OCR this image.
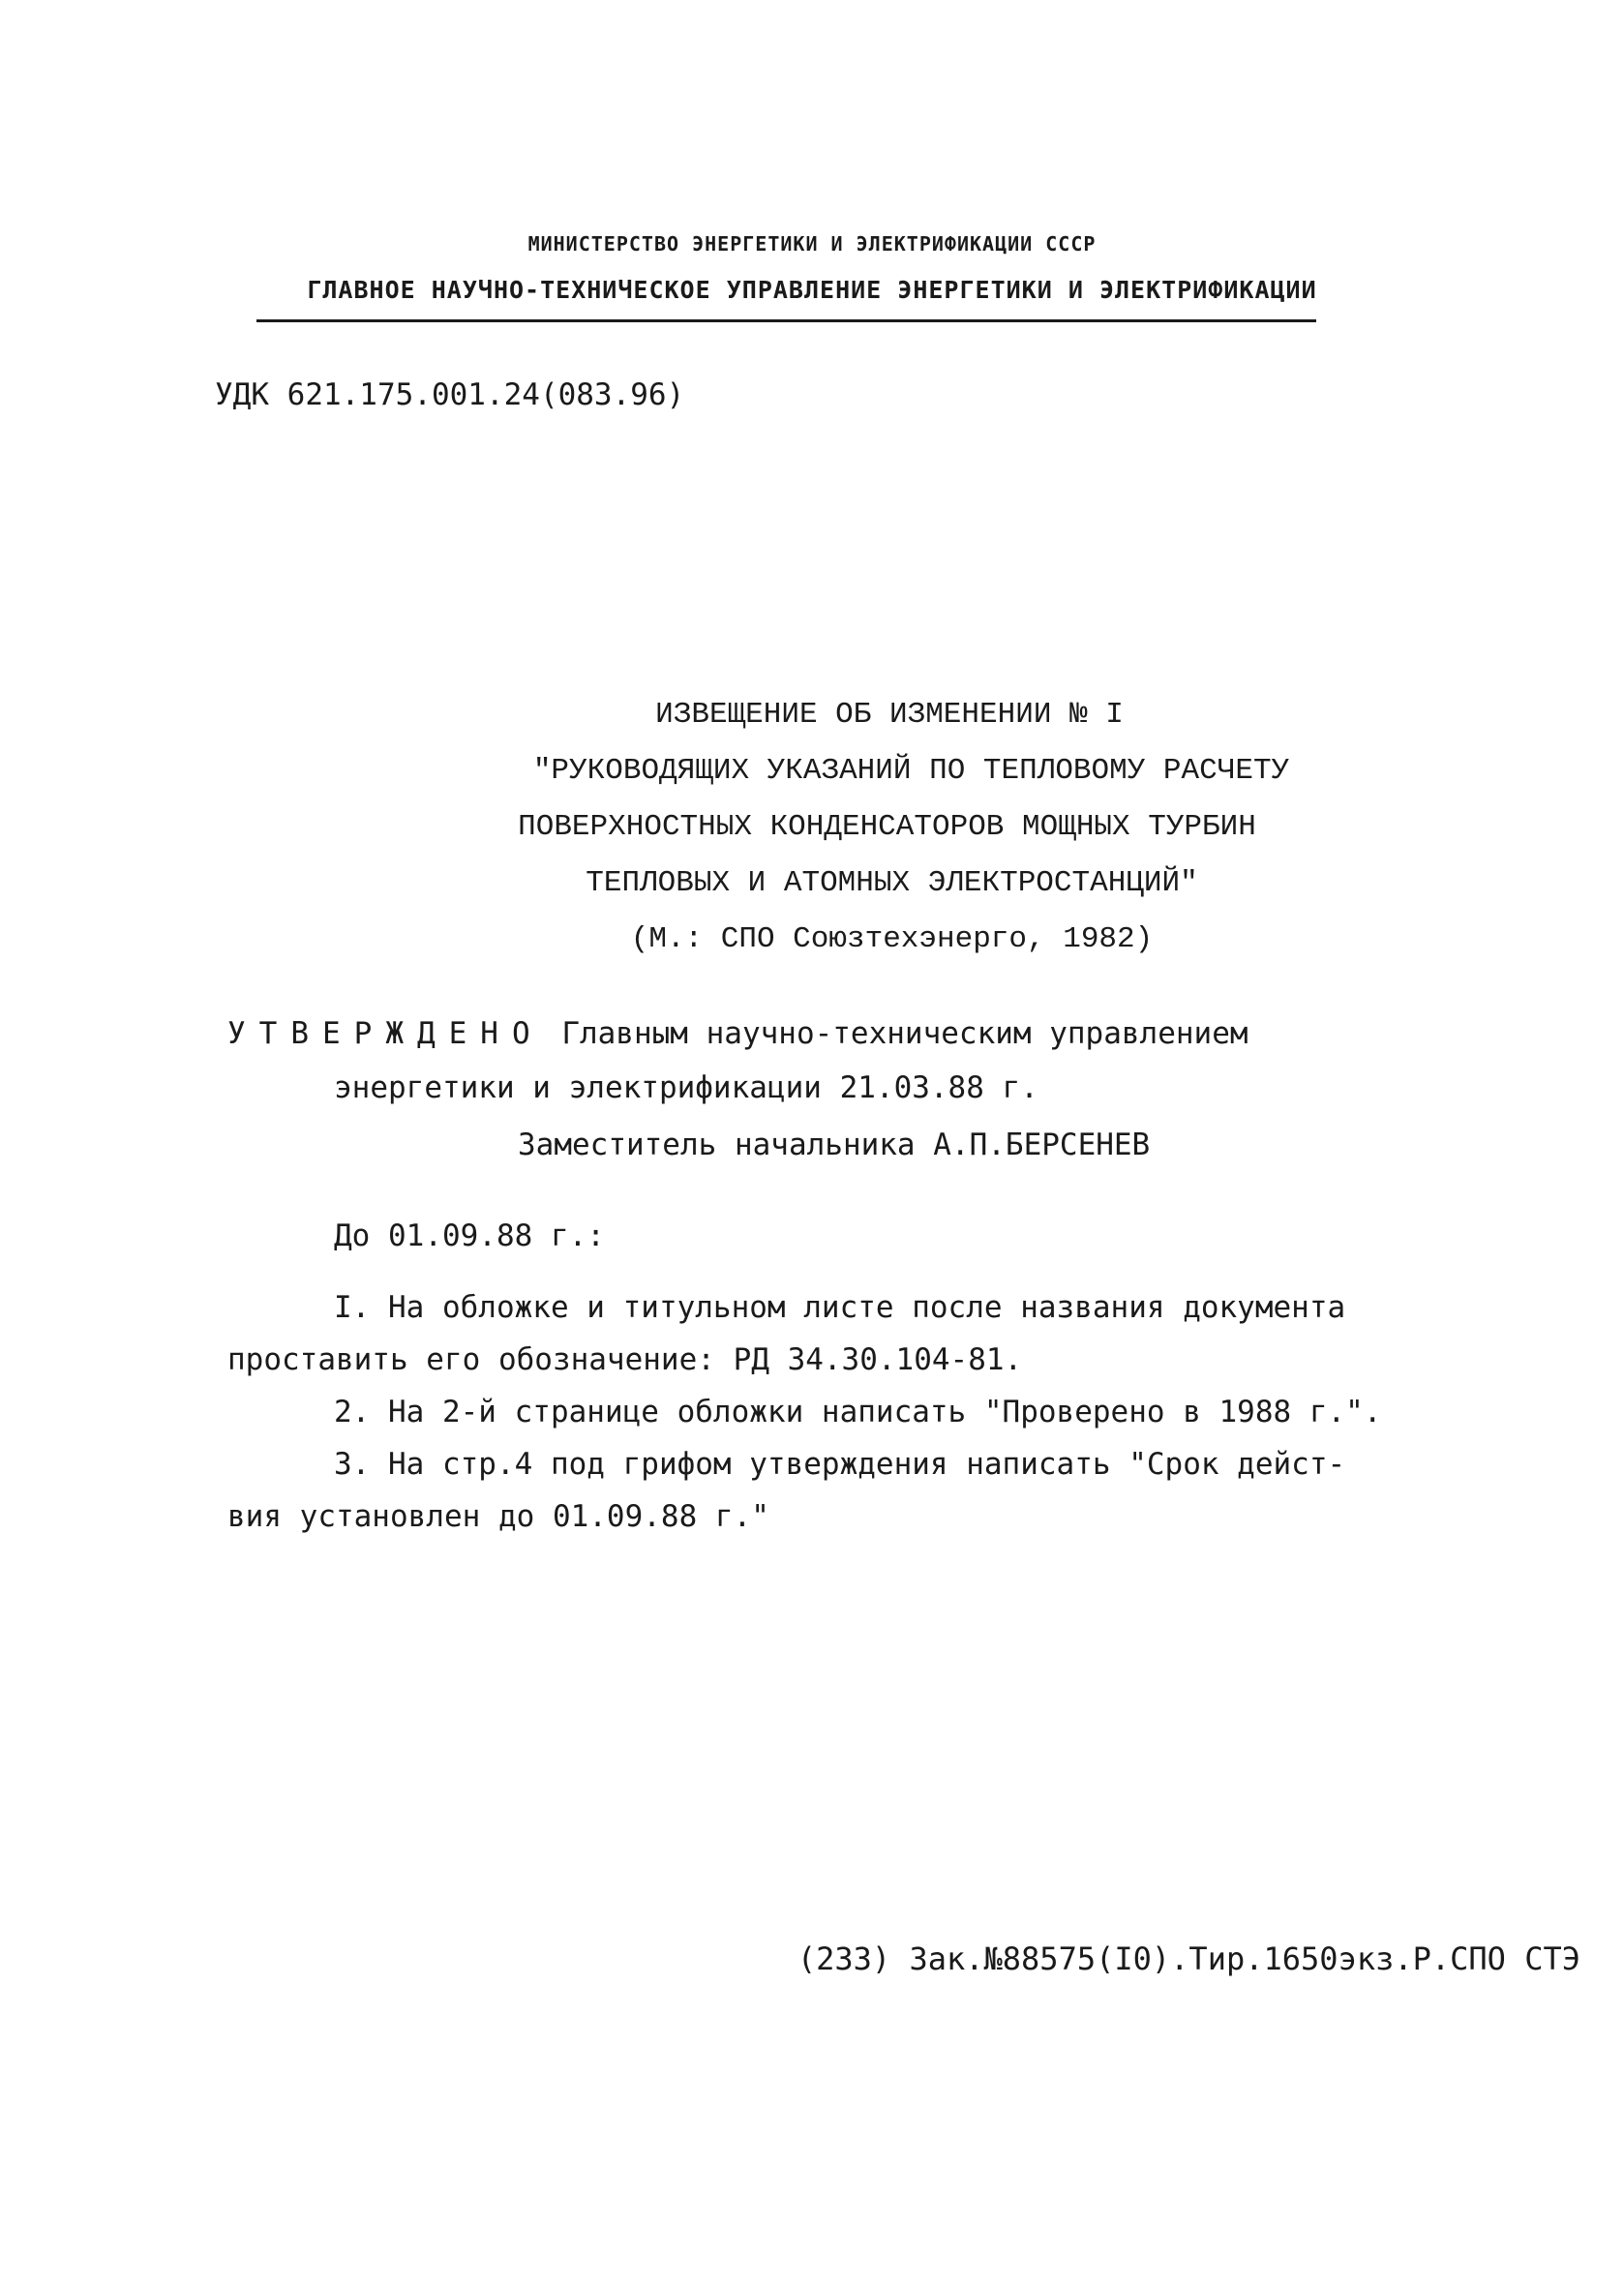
МИНИСТЕРСТВО ЭНЕРГЕТИКИ И ЭЛЕКТРИФИКАЦИИ СССР
ГЛАВНОЕ НАУЧНО-ТЕХНИЧЕСКОЕ УПРАВЛЕНИЕ ЭНЕРГЕТИКИ И ЭЛЕКТРИФИКАЦИИ
УДК 621.175.001.24(083.96)
ИЗВЕЩЕНИЕ ОБ ИЗМЕНЕНИИ № I
"РУКОВОДЯЩИХ УКАЗАНИЙ ПО ТЕПЛОВОМУ РАСЧЕТУ
ПОВЕРХНОСТНЫХ КОНДЕНСАТОРОВ МОЩНЫХ ТУРБИН
ТЕПЛОВЫХ И АТОМНЫХ ЭЛЕКТРОСТАНЦИЙ"
(М.: СПО Союзтехэнерго, 1982)
УТВЕРЖДЕНО Главным научно-техническим управлением
энергетики и электрификации 21.03.88 г.
Заместитель начальника А.П.БЕРСЕНЕВ
До 01.09.88 г.:
I. На обложке и титульном листе после названия документа
проставить его обозначение: РД 34.30.104-81.
2. На 2-й странице обложки написать "Проверено в 1988 г.".
3. На стр.4 под грифом утверждения написать "Срок дейст-
вия установлен до 01.09.88 г."
(233) Зак.№88575(I0).Тир.1650экз.Р.СПО СТЭ
